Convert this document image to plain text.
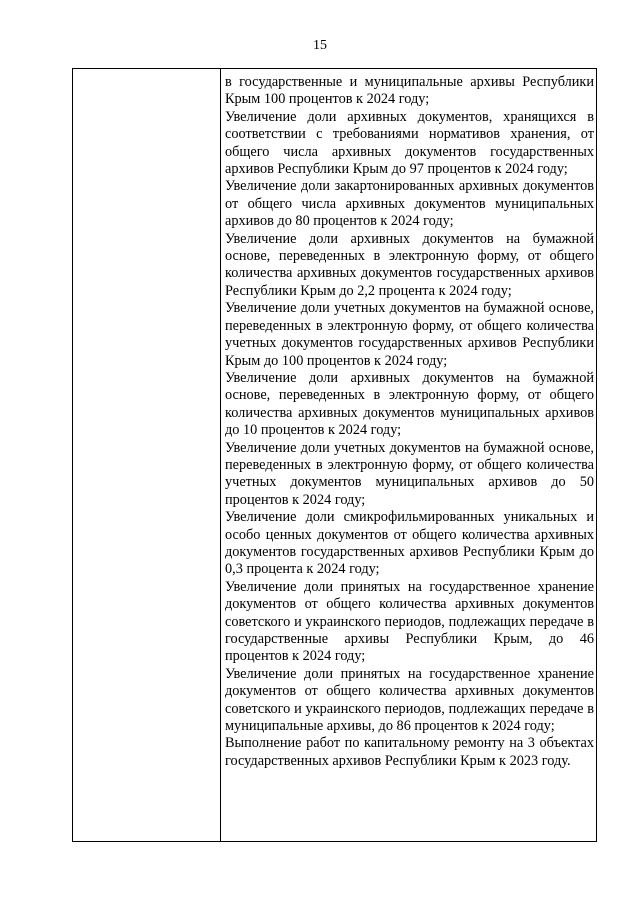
15

в государственные и муниципальные архивы Республики Крым 100 процентов к 2024 году;

Увеличение доли архивных документов, хранящихся в соответствии с требованиями нормативов хранения, от общего числа архивных документов государственных архивов Республики Крым до 97 процентов к 2024 году;

Увеличение доли закартонированных архивных документов от общего числа архивных документов муниципальных архивов до 80 процентов к 2024 году;

Увеличение доли архивных документов на бумажной основе, переведенных в электронную форму, от общего количества архивных документов государственных архивов Республики Крым до 2,2 процента к 2024 году;

Увеличение доли учетных документов на бумажной основе, переведенных в электронную форму, от общего количества учетных документов государственных архивов Республики Крым до 100 процентов к 2024 году;

Увеличение доли архивных документов на бумажной основе, переведенных в электронную форму, от общего количества архивных документов муниципальных архивов до 10 процентов к 2024 году;

Увеличение доли учетных документов на бумажной основе, переведенных в электронную форму, от общего количества учетных документов муниципальных архивов до 50 процентов к 2024 году;

Увеличение доли смикрофильмированных уникальных и особо ценных документов от общего количества архивных документов государственных архивов Республики Крым до 0,3 процента к 2024 году;

Увеличение доли принятых на государственное хранение документов от общего количества архивных документов советского и украинского периодов, подлежащих передаче в государственные архивы Республики Крым, до 46 процентов к 2024 году;

Увеличение доли принятых на государственное хранение документов от общего количества архивных документов советского и украинского периодов, подлежащих передаче в муниципальные архивы, до 86 процентов к 2024 году;

Выполнение работ по капитальному ремонту на 3 объектах государственных архивов Республики Крым к 2023 году.
